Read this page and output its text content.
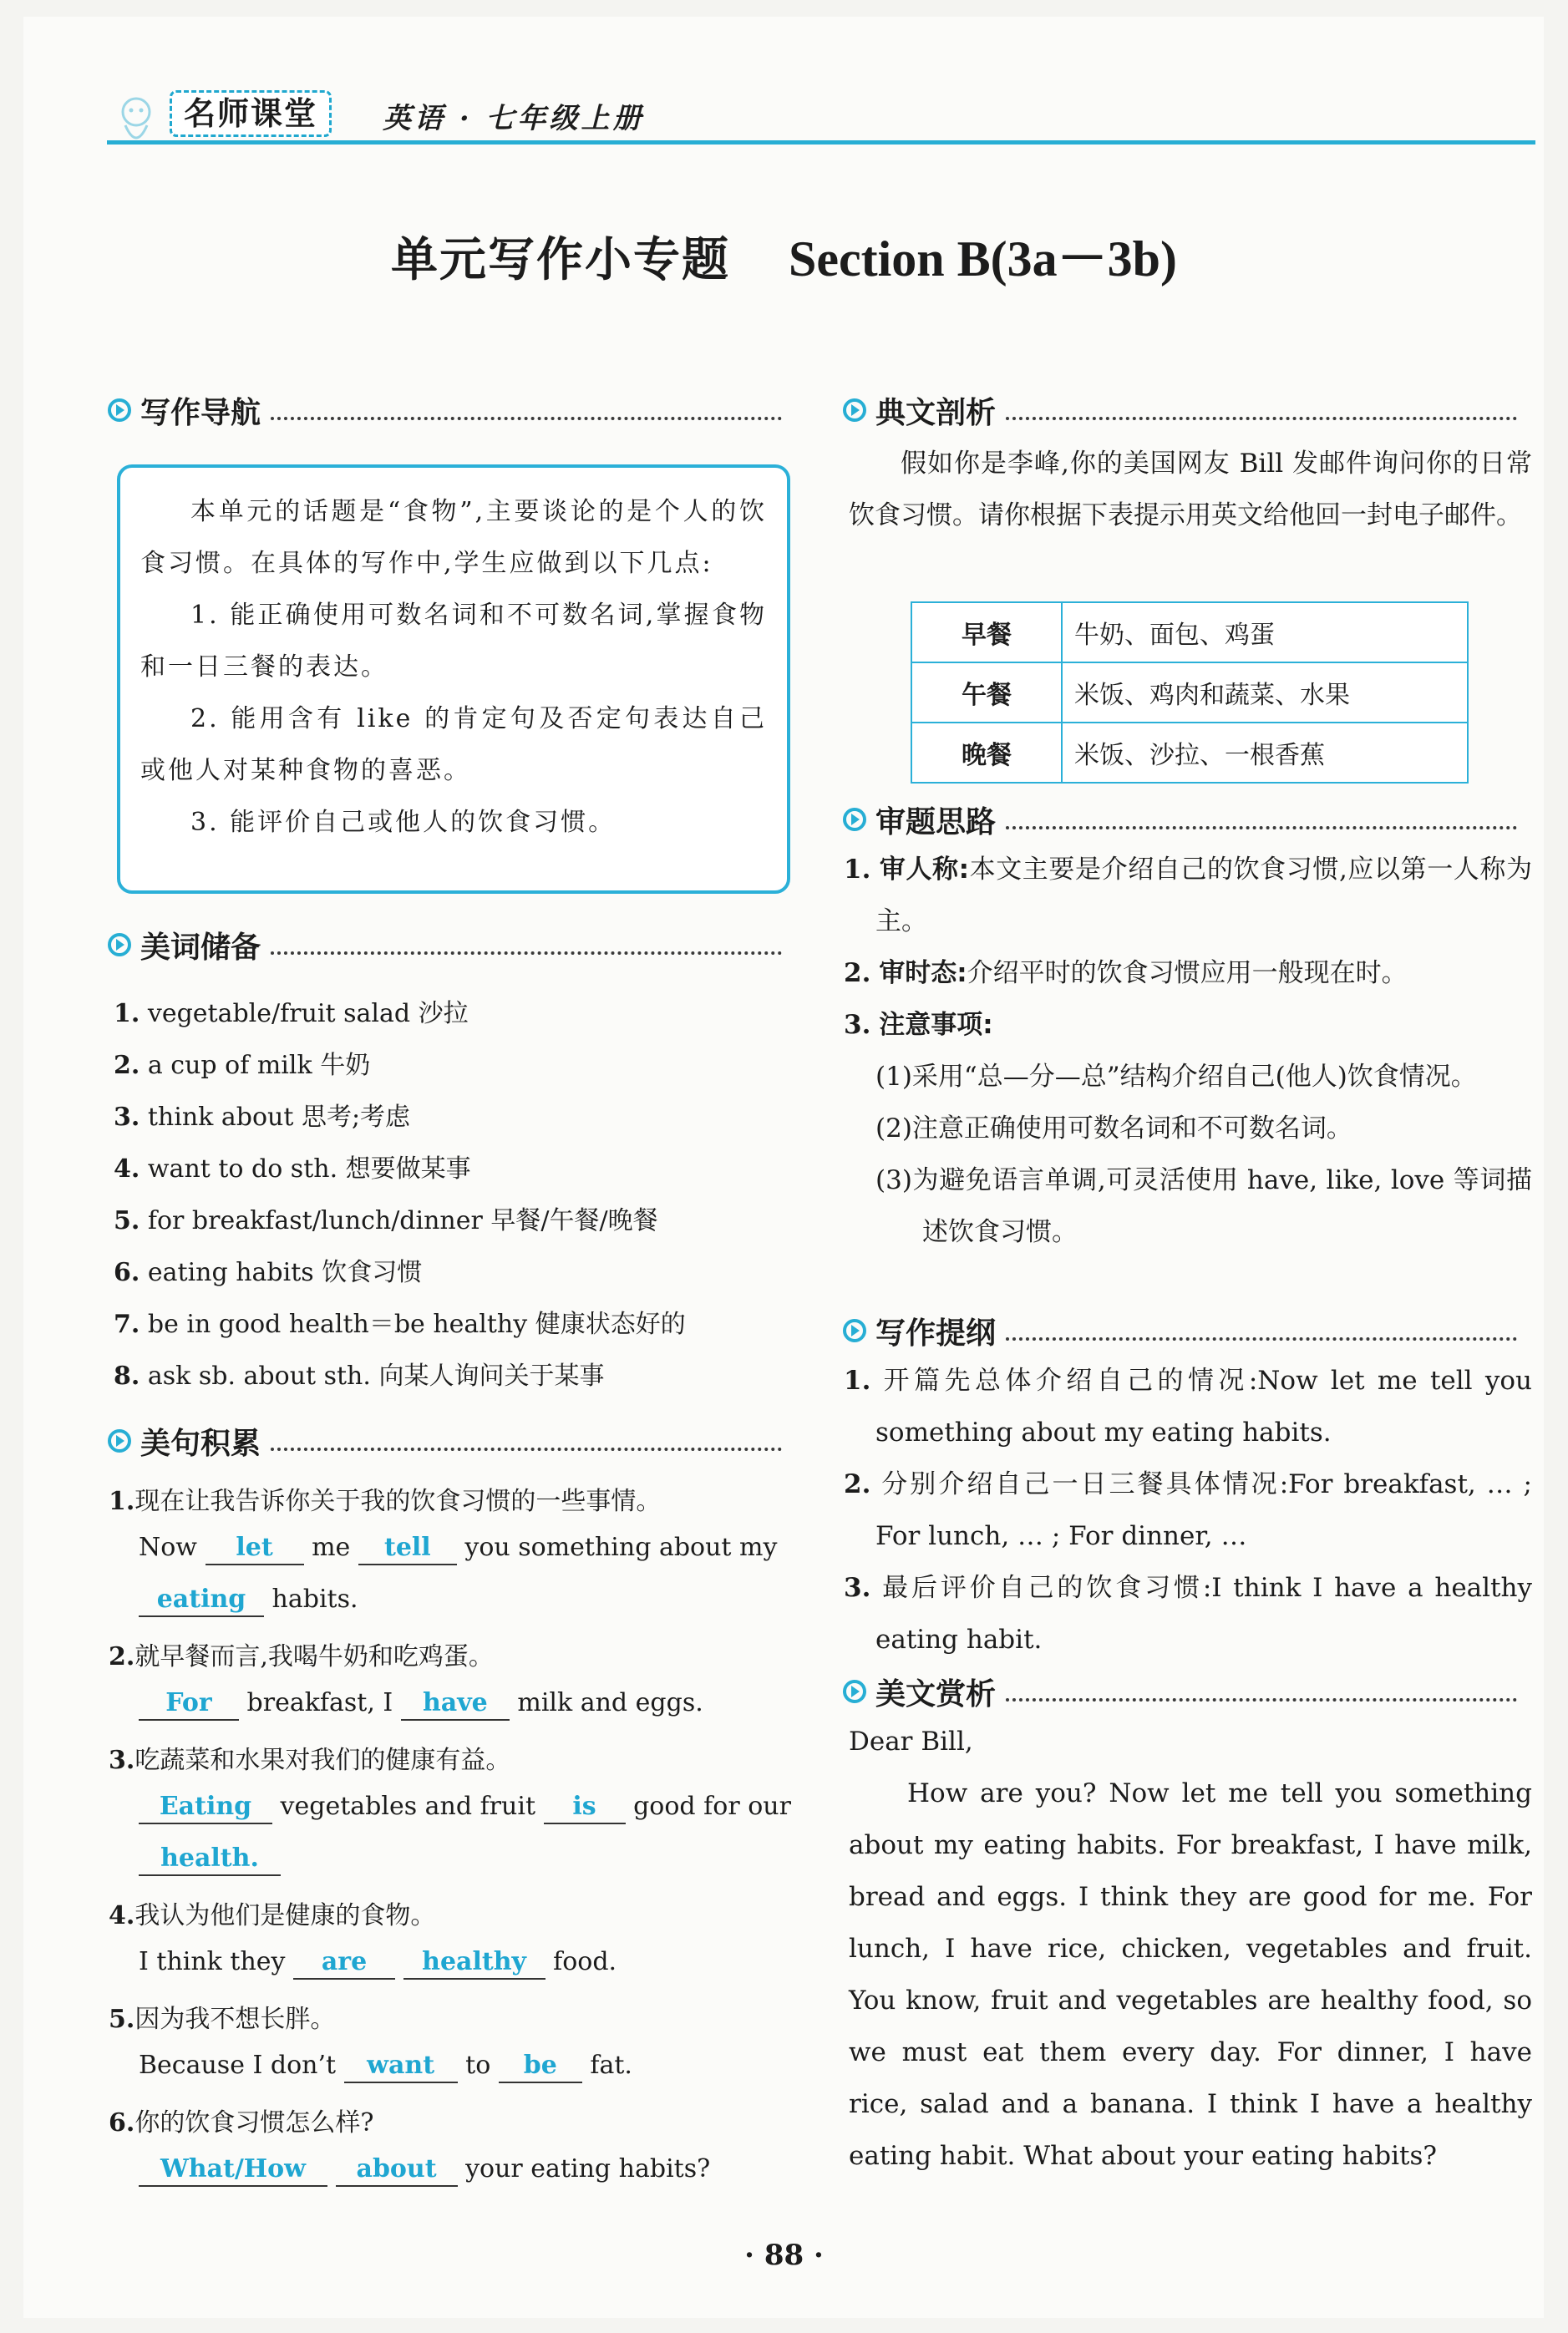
名师课堂	英语 · 七年级上册
单元写作小专题 Section B(3a－3b)
写作导航

本单元的话题是“食物”,主要谈论的是个人的饮食习惯。在具体的写作中,学生应做到以下几点:

1. 能正确使用可数名词和不可数名词,掌握食物和一日三餐的表达。

2. 能用含有 like 的肯定句及否定句表达自己或他人对某种食物的喜恶。

3. 能评价自己或他人的饮食习惯。

美词储备
1. vegetable/fruit salad 沙拉
2. a cup of milk 牛奶
3. think about 思考;考虑
4. want to do sth. 想要做某事
5. for breakfast/lunch/dinner 早餐/午餐/晚餐
6. eating habits 饮食习惯
7. be in good health＝be healthy 健康状态好的
8. ask sb. about sth. 向某人询问关于某事
美句积累
1.现在让我告诉你关于我的饮食习惯的一些事情。
Now let me tell you something about my
eating habits.
2.就早餐而言,我喝牛奶和吃鸡蛋。
For breakfast, I have milk and eggs.
3.吃蔬菜和水果对我们的健康有益。
Eating vegetables and fruit is good for our
health.
4.我认为他们是健康的食物。
I think they are healthy food.
5.因为我不想长胖。
Because I don’t want to be fat.
6.你的饮食习惯怎么样?
What/How about your eating habits?
典文剖析
假如你是李峰,你的美国网友 Bill 发邮件询问你的日常饮食习惯。请你根据下表提示用英文给他回一封电子邮件。
早餐	牛奶、面包、鸡蛋
午餐	米饭、鸡肉和蔬菜、水果
晚餐	米饭、沙拉、一根香蕉
审题思路

1. 审人称:本文主要是介绍自己的饮食习惯,应以第一人称为主。

2. 审时态:介绍平时的饮食习惯应用一般现在时。

3. 注意事项:

(1)采用“总—分—总”结构介绍自己(他人)饮食情况。

(2)注意正确使用可数名词和不可数名词。

(3)为避免语言单调,可灵活使用 have, like, love 等词描述饮食习惯。

写作提纲

1. 开篇先总体介绍自己的情况:Now let me tell you something about my eating habits.

2. 分别介绍自己一日三餐具体情况:For breakfast, … ; For lunch, … ; For dinner, …

3. 最后评价自己的饮食习惯:I think I have a healthy eating habit.

美文赏析

Dear Bill,

How are you? Now let me tell you something about my eating habits. For breakfast, I have milk, bread and eggs. I think they are good for me. For lunch, I have rice, chicken, vegetables and fruit. You know, fruit and vegetables are healthy food, so we must eat them every day. For dinner, I have rice, salad and a banana. I think I have a healthy eating habit. What about your eating habits?

· 88 ·
